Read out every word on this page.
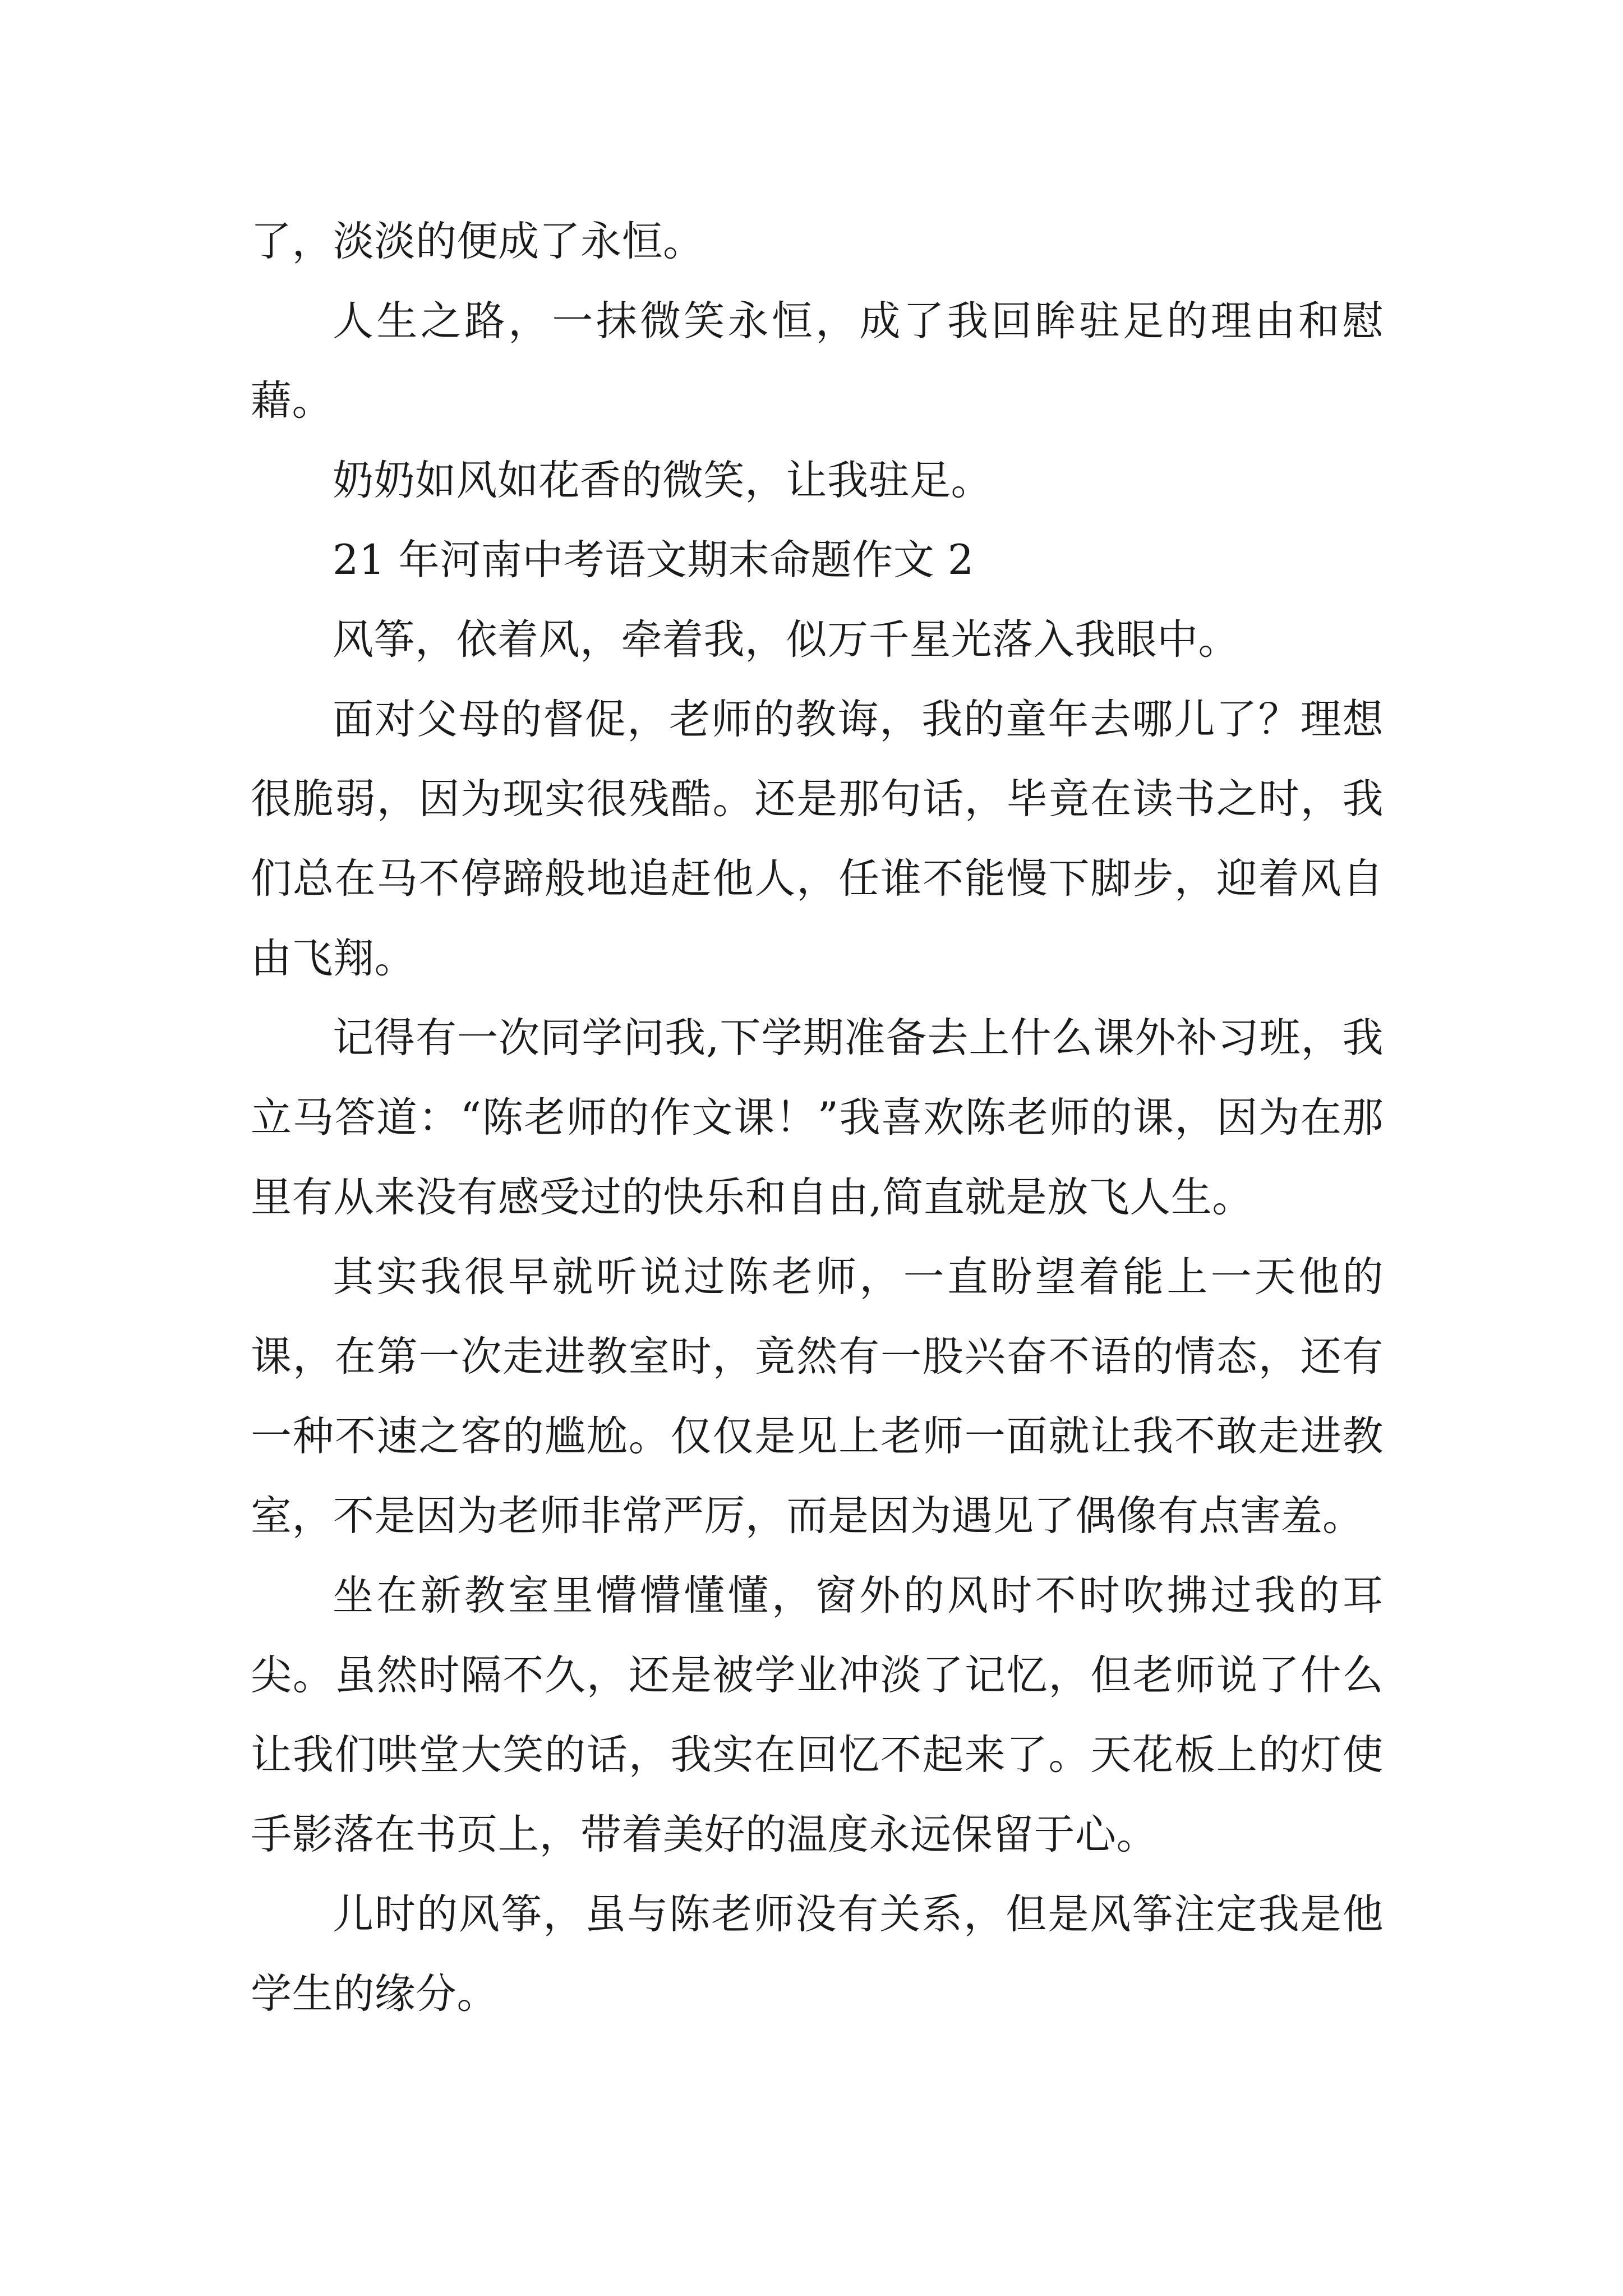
了，淡淡的便成了永恒。

人生之路，一抹微笑永恒，成了我回眸驻足的理由和慰藉。

奶奶如风如花香的微笑，让我驻足。

21 年河南中考语文期末命题作文 2

风筝，依着风，牵着我，似万千星光落入我眼中。

面对父母的督促，老师的教诲，我的童年去哪儿了？理想很脆弱，因为现实很残酷。还是那句话，毕竟在读书之时，我们总在马不停蹄般地追赶他人，任谁不能慢下脚步，迎着风自由飞翔。

记得有一次同学问我,下学期准备去上什么课外补习班，我立马答道：“陈老师的作文课！”我喜欢陈老师的课，因为在那里有从来没有感受过的快乐和自由,简直就是放飞人生。

其实我很早就听说过陈老师，一直盼望着能上一天他的课，在第一次走进教室时，竟然有一股兴奋不语的情态，还有一种不速之客的尴尬。仅仅是见上老师一面就让我不敢走进教室，不是因为老师非常严厉，而是因为遇见了偶像有点害羞。

坐在新教室里懵懵懂懂，窗外的风时不时吹拂过我的耳尖。虽然时隔不久，还是被学业冲淡了记忆，但老师说了什么让我们哄堂大笑的话，我实在回忆不起来了。天花板上的灯使手影落在书页上，带着美好的温度永远保留于心。

儿时的风筝，虽与陈老师没有关系，但是风筝注定我是他学生的缘分。
